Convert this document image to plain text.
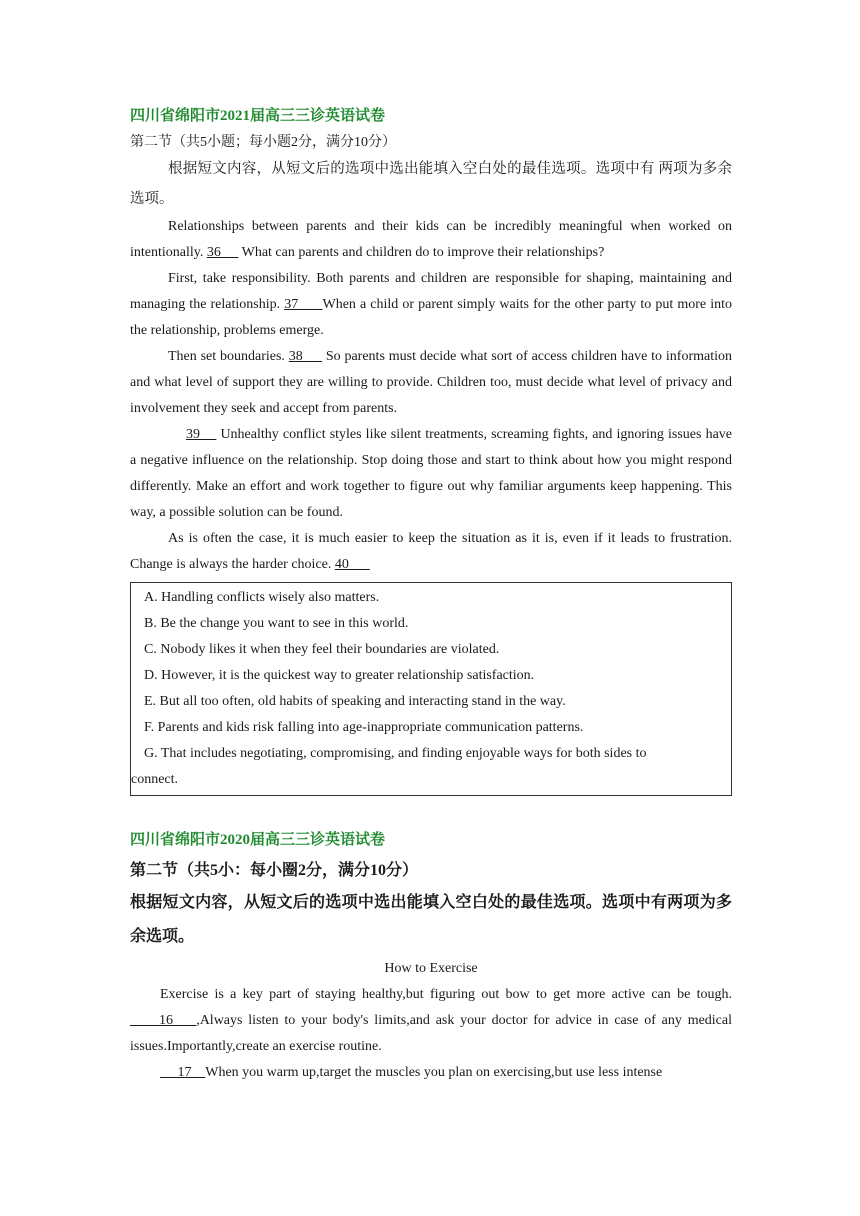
四川省绵阳市2021届高三三诊英语试卷

第二节（共5小题；每小题2分，满分10分）

根据短文内容，从短文后的选项中选出能填入空白处的最佳选项。选项中有 两项为多余选项。

Relationships between parents and their kids can be incredibly meaningful when worked on intentionally. 36      What can parents and children do to improve their relationships?

First, take responsibility. Both parents and children are responsible for shaping, maintaining and managing the relationship. 37      When a child or parent simply waits for the other party to put more into the relationship, problems emerge.

Then set boundaries. 38      So parents must decide what sort of access children have to information and what level of support they are willing to provide. Children too, must decide what level of privacy and involvement they seek and accept from parents.

39     Unhealthy conflict styles like silent treatments, screaming fights, and ignoring issues have a negative influence on the relationship. Stop doing those and start to think about how you might respond differently. Make an effort and work together to figure out why familiar arguments keep happening. This way, a possible solution can be found.

As is often the case, it is much easier to keep the situation as it is, even if it leads to frustration. Change is always the harder choice. 40

A. Handling conflicts wisely also matters.
B. Be the change you want to see in this world.
C. Nobody likes it when they feel their boundaries are violated.
D. However, it is the quickest way to greater relationship satisfaction.
E. But all too often, old habits of speaking and interacting stand in the way.
F. Parents and kids risk falling into age-inappropriate communication patterns.
G. That includes negotiating, compromising, and finding enjoyable ways for both sides to
connect.
四川省绵阳市2020届高三三诊英语试卷

第二节（共5小：每小圈2分，满分10分）

根据短文内容，从短文后的选项中选出能填入空白处的最佳选项。选项中有两项为多余选项。

How to Exercise

Exercise is a key part of staying healthy,but figuring out bow to get more active can be tough.     16    ,Always listen to your body's limits,and ask your doctor for advice in case of any medical issues.Importantly,create an exercise routine.

17    When you warm up,target the muscles you plan on exercising,but use less intense
